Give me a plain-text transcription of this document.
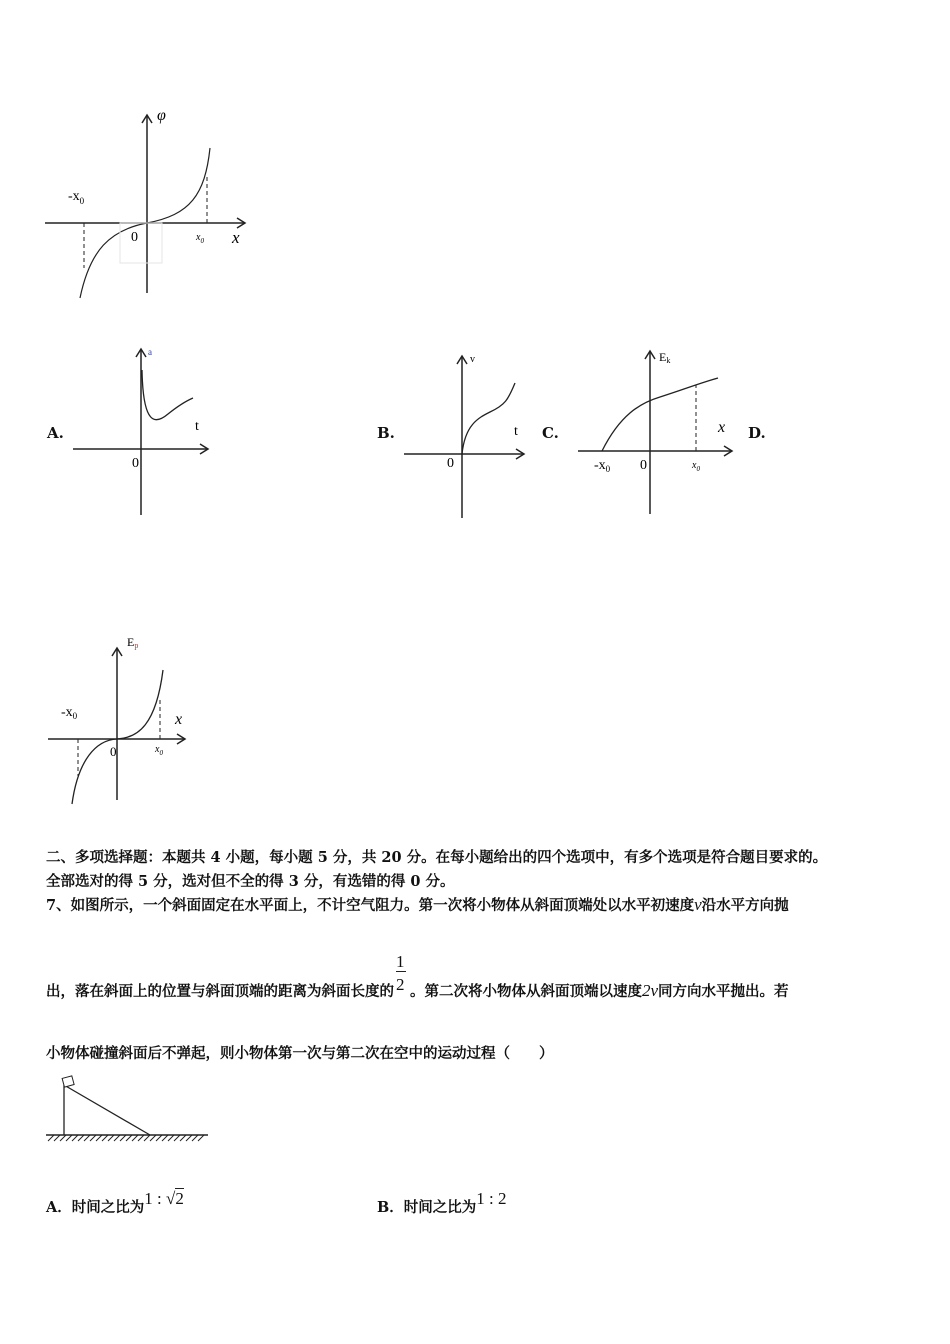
φ
x
$-x_0$
0	$x_0$
A.	B.	C.	D.
a
t
0
v
t
0
Ek
x
0
$-x_0$	$x_0$
Ep
x
$-x_0$
0	$x_0$
二、多项选择题：本题共 4 小题，每小题 5 分，共 20 分。在每小题给出的四个选项中，有多个选项是符合题目要求的。
全部选对的得 5 分，选对但不全的得 3 分，有选错的得 0 分。
7、如图所示，一个斜面固定在水平面上，不计空气阻力。第一次将小物体从斜面顶端处以水平初速度v沿水平方向抛
出，落在斜面上的位置与斜面顶端的距离为斜面长度的 $\frac{1}{2}$ 。第二次将小物体从斜面顶端以速度2v同方向水平抛出。若
小物体碰撞斜面后不弹起，则小物体第一次与第二次在空中的运动过程（　　）
A．时间之比为1 : √2	B．时间之比为1 : 2
